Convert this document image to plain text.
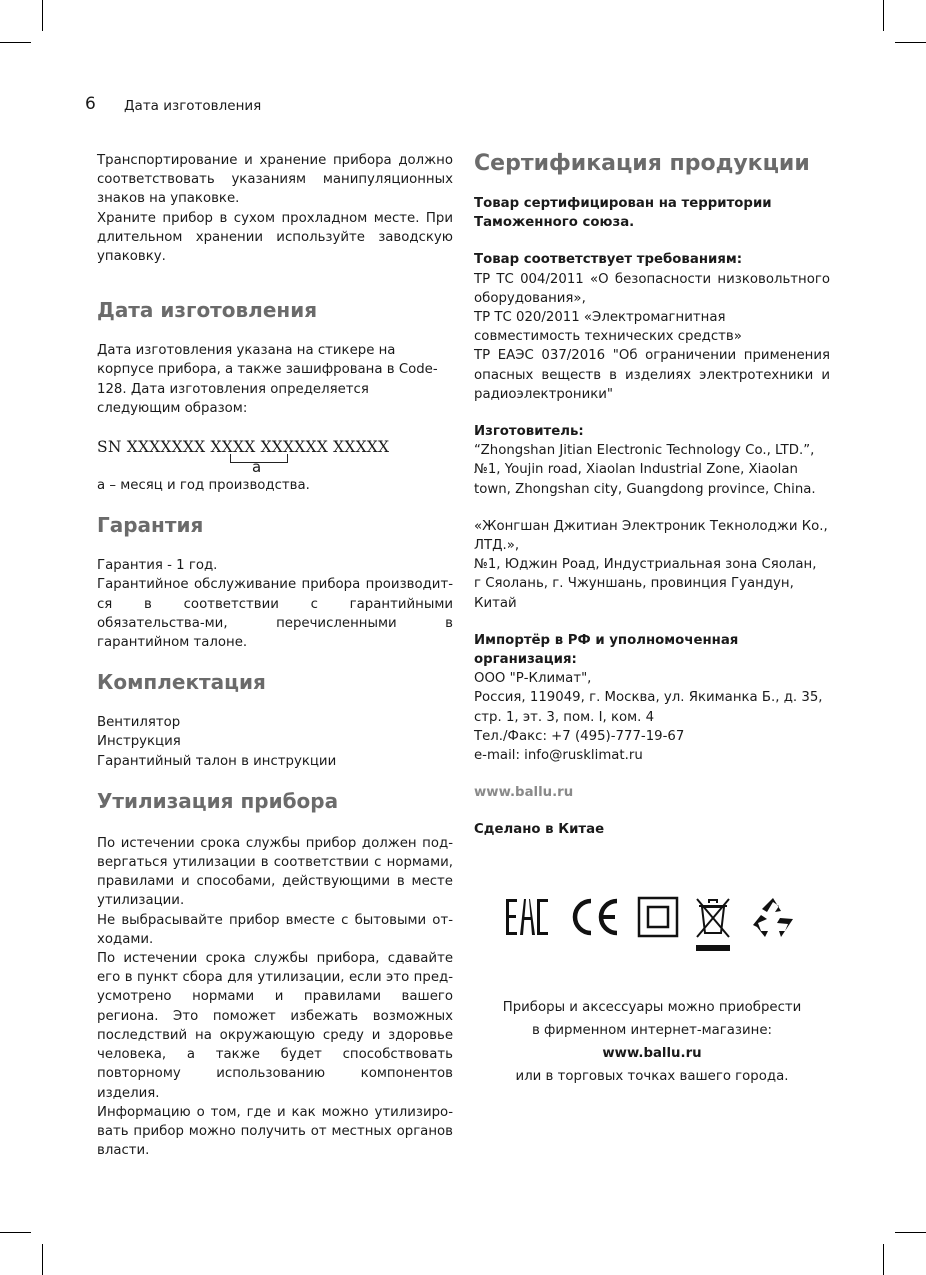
6 Дата изготовления

Транспортирование и хранение прибора должно соответствовать указаниям манипуляционных знаков на упаковке.

Храните прибор в сухом прохладном месте. При длительном хранении используйте заводскую упаковку.

Дата изготовления

Дата изготовления указана на стикере на корпусе прибора, а также зашифрована в Code-128. Дата изготовления определяется следующим образом:

SN XXXXXXX XXXX XXXXXX XXXXX
а

а – месяц и год производства.

Гарантия

Гарантия - 1 год.

Гарантийное обслуживание прибора производит-ся в соответствии с гарантийными обязательства-ми, перечисленными в гарантийном талоне.

Комплектация

Вентилятор

Инструкция

Гарантийный талон в инструкции

Утилизация прибора

По истечении срока службы прибор должен под-вергаться утилизации в соответствии с нормами, правилами и способами, действующими в месте утилизации.

Не выбрасывайте прибор вместе с бытовыми от-ходами.

По истечении срока службы прибора, сдавайте его в пункт сбора для утилизации, если это пред-усмотрено нормами и правилами вашего региона. Это поможет избежать возможных последствий на окружающую среду и здоровье человека, а также будет способствовать повторному использованию компонентов изделия.

Информацию о том, где и как можно утилизиро-вать прибор можно получить от местных органов власти.

Сертификация продукции

Товар сертифицирован на территории Таможенного союза.

Товар соответствует требованиям:

ТР ТС 004/2011 «О безопасности низковольтного оборудования»,

ТР ТС 020/2011 «Электромагнитная совместимость технических средств»

ТР ЕАЭС 037/2016 "Об ограничении применения опасных веществ в изделиях электротехники и радиоэлектроники"

Изготовитель:

“Zhongshan Jitian Electronic Technology Co., LTD.”,

№1, Youjin road, Xiaolan Industrial Zone, Xiaolan

town, Zhongshan city, Guangdong province, China.

«Жонгшан Джитиан Электроник Текнолоджи Ко.,

ЛТД.»,

№1, Юджин Роад, Индустриальная зона Сяолан,

г Сяолань, г. Чжуншань, провинция Гуандун, Китай

Импортёр в РФ и уполномоченная организация:

ООО "Р-Климат",

Россия, 119049, г. Москва, ул. Якиманка Б., д. 35,

стр. 1, эт. 3, пом. I, ком. 4

Тел./Факс: +7 (495)-777-19-67

e-mail: info@rusklimat.ru

www.ballu.ru

Сделано в Китае

Приборы и аксессуары можно приобрести

в фирменном интернет-магазине:

www.ballu.ru

или в торговых точках вашего города.
